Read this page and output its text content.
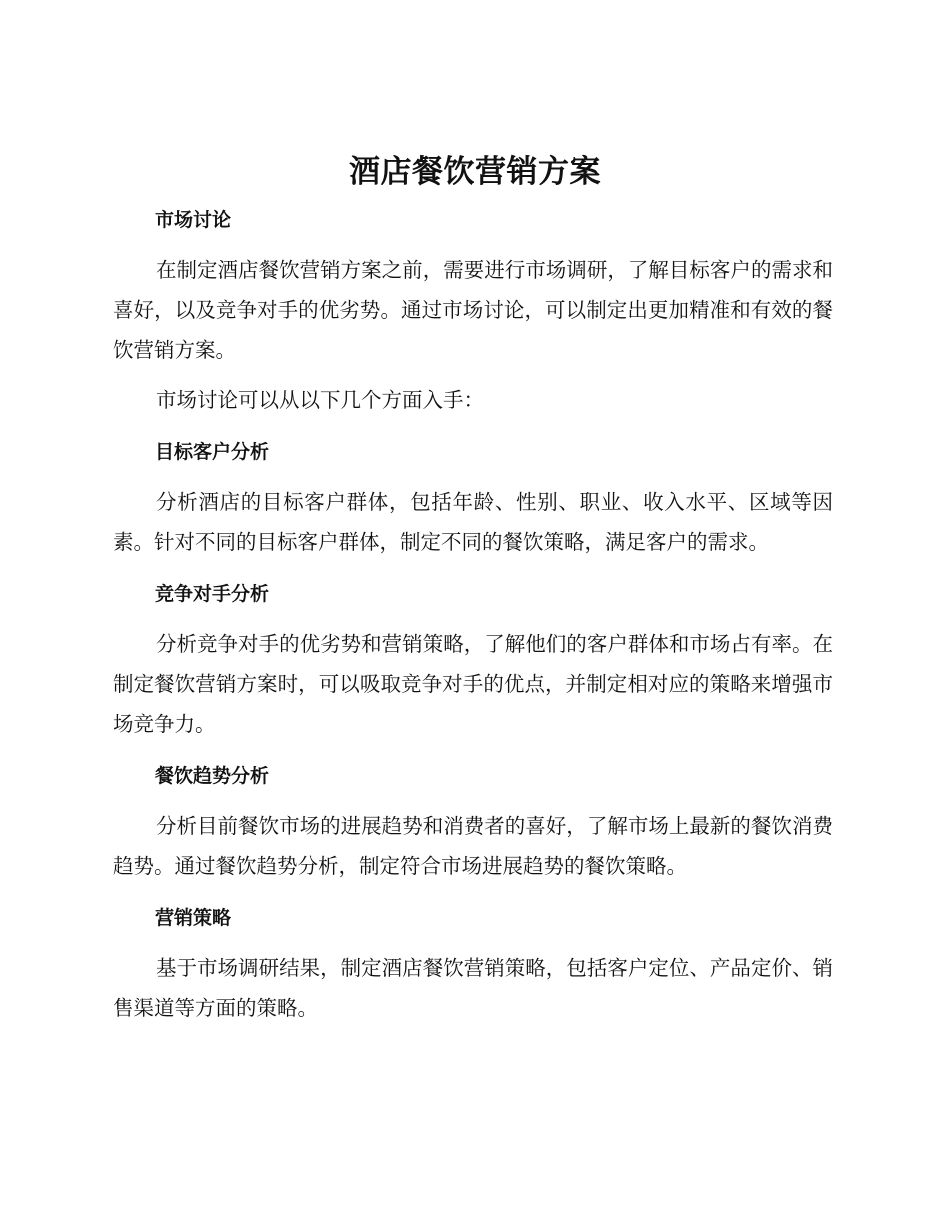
酒店餐饮营销方案
市场讨论

在制定酒店餐饮营销方案之前，需要进行市场调研，了解目标客户的需求和喜好，以及竞争对手的优劣势。通过市场讨论，可以制定出更加精准和有效的餐饮营销方案。

市场讨论可以从以下几个方面入手：

目标客户分析

分析酒店的目标客户群体，包括年龄、性别、职业、收入水平、区域等因素。针对不同的目标客户群体，制定不同的餐饮策略，满足客户的需求。

竞争对手分析

分析竞争对手的优劣势和营销策略，了解他们的客户群体和市场占有率。在制定餐饮营销方案时，可以吸取竞争对手的优点，并制定相对应的策略来增强市场竞争力。

餐饮趋势分析

分析目前餐饮市场的进展趋势和消费者的喜好，了解市场上最新的餐饮消费趋势。通过餐饮趋势分析，制定符合市场进展趋势的餐饮策略。

营销策略

基于市场调研结果，制定酒店餐饮营销策略，包括客户定位、产品定价、销售渠道等方面的策略。
